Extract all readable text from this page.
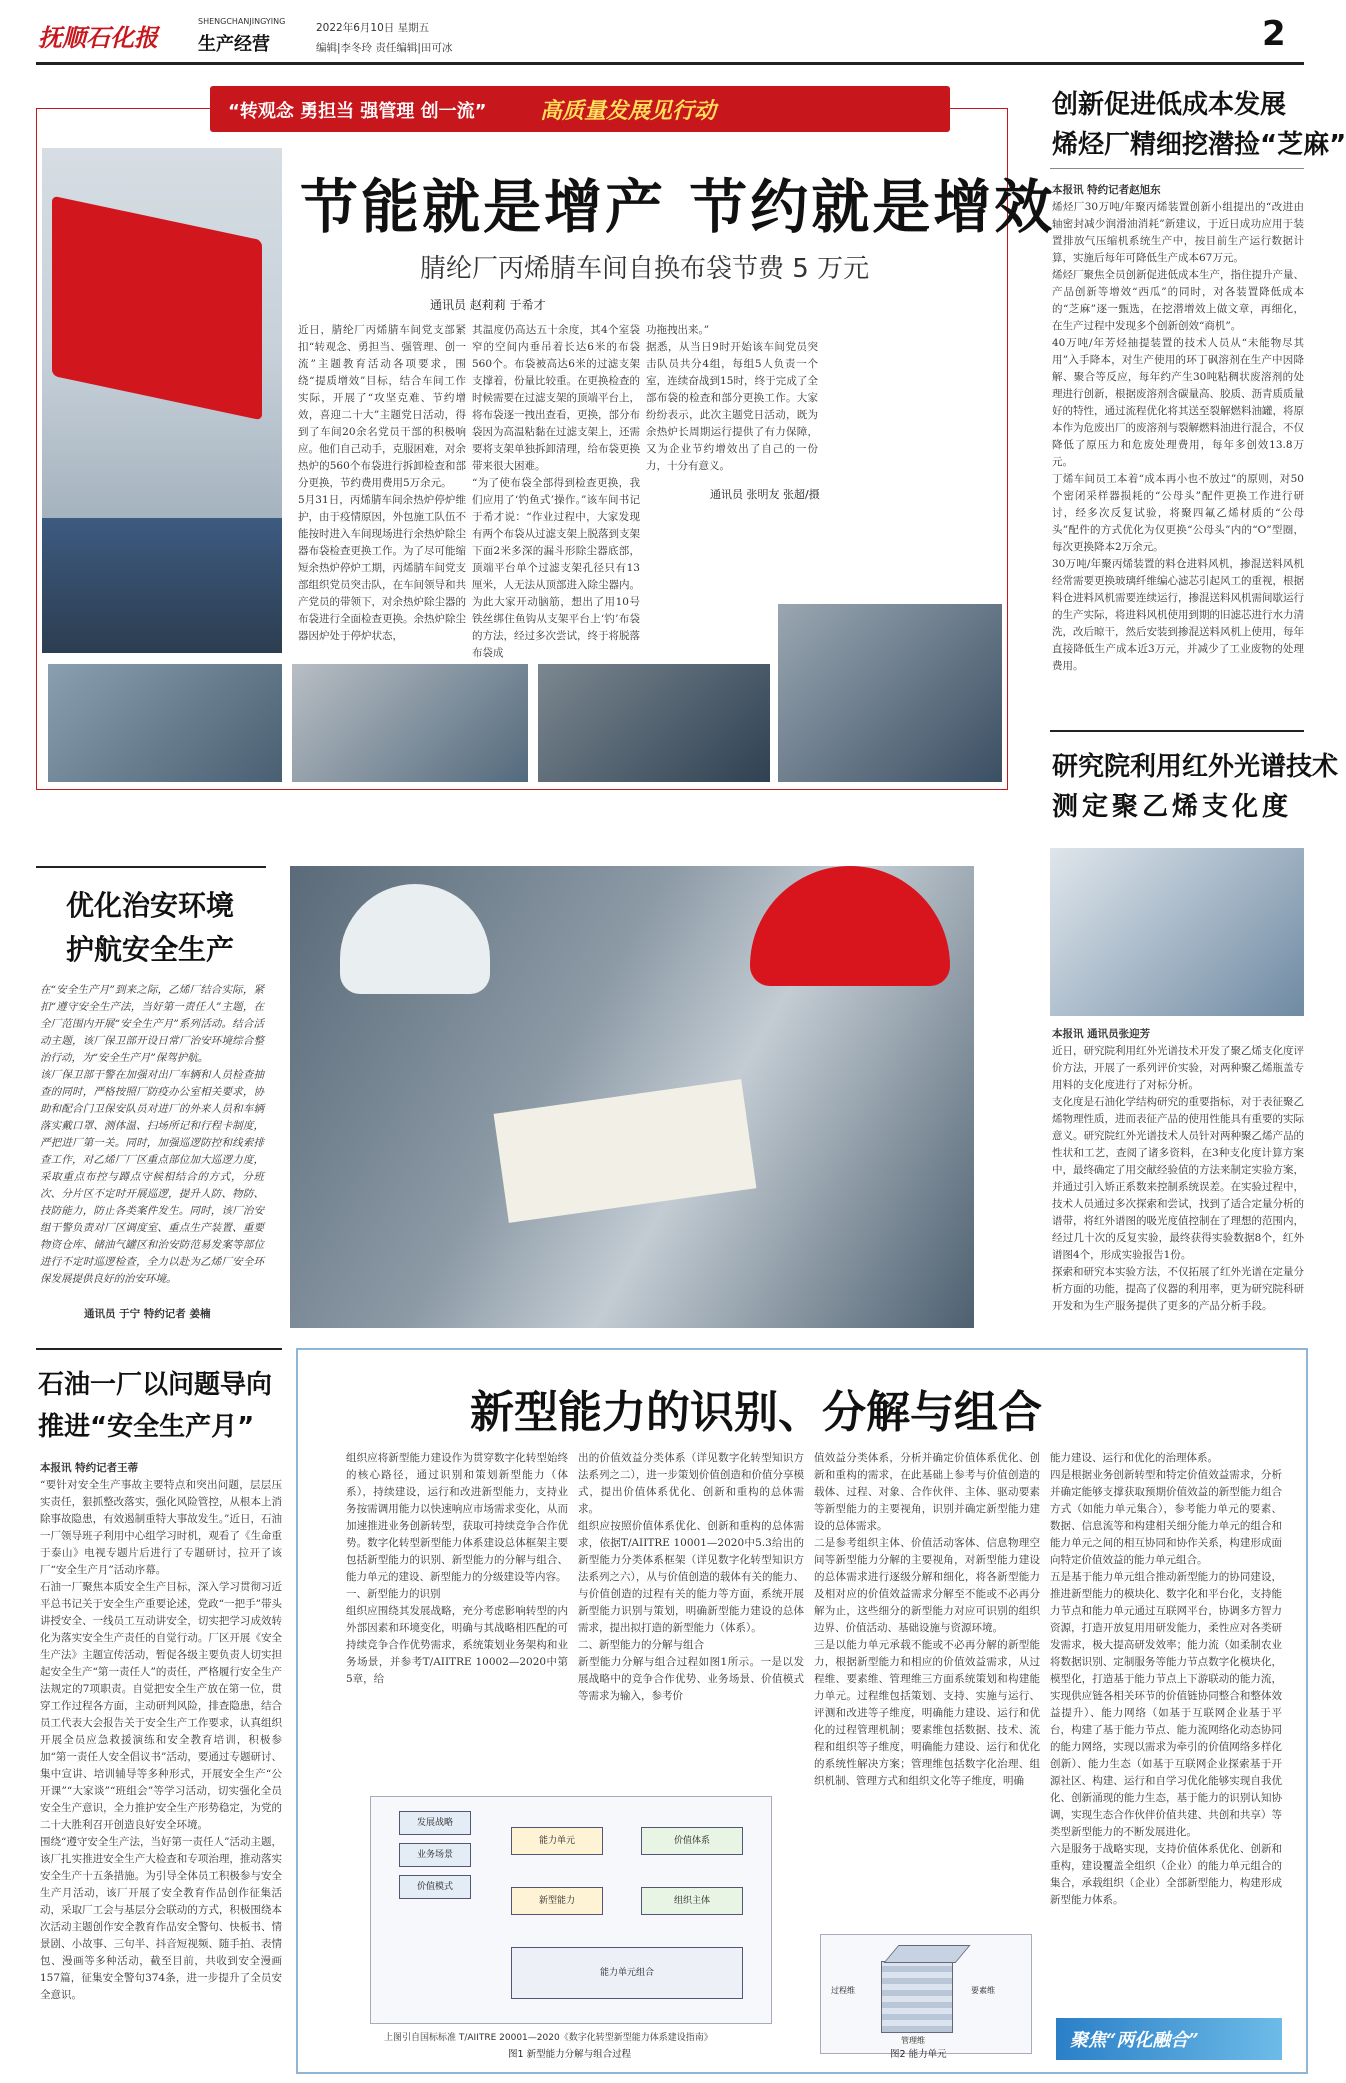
抚顺石化报
SHENGCHANJINGYING
生产经营
2022年6月10日 星期五
编辑|李冬玲 责任编辑|田可冰	2
“转观念 勇担当 强管理 创一流” 高质量发展见行动
节能就是增产 节约就是增效
腈纶厂丙烯腈车间自换布袋节费 5 万元
通讯员 赵莉莉 于希才
近日，腈纶厂丙烯腈车间党支部紧扣“转观念、勇担当、强管理、创一流”主题教育活动各项要求，围绕“提质增效”目标，结合车间工作实际，开展了“攻坚克难、节约增效，喜迎二十大”主题党日活动，得到了车间20余名党员干部的积极响应。他们自己动手，克服困难，对余热炉的560个布袋进行拆卸检查和部分更换，节约费用费用5万余元。
5月31日，丙烯腈车间余热炉停炉维护，由于疫情原因，外包施工队伍不能按时进入车间现场进行余热炉除尘器布袋检查更换工作。为了尽可能缩短余热炉停炉工期，丙烯腈车间党支部组织党员突击队，在车间领导和共产党员的带领下，对余热炉除尘器的布袋进行全面检查更换。余热炉除尘器因炉处于停炉状态，
其温度仍高达五十余度，其4个室袋窄的空间内垂吊着长达6米的布袋560个。布袋被高达6米的过滤支架支撑着，份量比较重。在更换检查的时候需要在过滤支架的顶端平台上，将布袋逐一拽出查看，更换，部分布袋因为高温粘黏在过滤支架上，还需要将支架单独拆卸清理，给布袋更换带来很大困难。
“为了使布袋全部得到检查更换，我们应用了‘钓鱼式’操作。”该车间书记于希才说：“作业过程中，大家发现有两个布袋从过滤支架上脱落到支架下面2米多深的漏斗形除尘器底部，顶端平台单个过滤支架孔径只有13厘米，人无法从顶部进入除尘器内。为此大家开动脑筋，想出了用10号铁丝绑住鱼钩从支架平台上‘钓’布袋的方法，经过多次尝试，终于将脱落布袋成
功拖拽出来。”
据悉，从当日9时开始该车间党员突击队员共分4组，每组5人负责一个室，连续奋战到15时，终于完成了全部布袋的检查和部分更换工作。大家纷纷表示，此次主题党日活动，既为余热炉长周期运行提供了有力保障，又为企业节约增效出了自己的一份力，十分有意义。
通讯员 张明友 张超/摄
创新促进低成本发展
烯烃厂精细挖潜捡“芝麻”
本报讯 特约记者赵旭东
烯烃厂30万吨/年聚丙烯装置创新小组提出的“改进由轴密封减少润滑油消耗”新建议，于近日成功应用于装置排放气压缩机系统生产中，按目前生产运行数据计算，实施后每年可降低生产成本67万元。
烯烃厂聚焦全员创新促进低成本生产，指住提升产量、产品创新等增效“西瓜”的同时，对各装置降低成本的“芝麻”逐一甄选，在挖潜增效上做文章，再细化，在生产过程中发现多个创新创效“商机”。
40万吨/年芳烃抽提装置的技术人员从“未能物尽其用”入手降本，对生产使用的环丁砜溶剂在生产中因降解、聚合等反应，每年约产生30吨粘稠状废溶剂的处理进行创新，根据废溶剂含碳量高、胶质、沥青质质量好的特性，通过流程优化将其送至裂解燃料油罐，将原本作为危废出厂的废溶剂与裂解燃料油进行混合，不仅降低了原压力和危废处理费用，每年多创效13.8万元。
丁烯车间员工本着“成本再小也不放过”的原则，对50个密闭采样器损耗的“公母头”配件更换工作进行研讨，经多次反复试验，将聚四氟乙烯材质的“公母头”配件的方式优化为仅更换“公母头”内的“O”型圈，每次更换降本2万余元。
30万吨/年聚丙烯装置的料仓进料风机，掺混送料风机经常需要更换玻璃纤维编心滤芯引起风工的重视，根据料仓进料风机需要连续运行，掺混送料风机需间歇运行的生产实际，将进料风机使用到期的旧滤芯进行水力清洗，改后晾干，然后安装到掺混送料风机上使用，每年直接降低生产成本近3万元，并减少了工业废物的处理费用。
研究院利用红外光谱技术
测定聚乙烯支化度
本报讯 通讯员张迎芳
近日，研究院利用红外光谱技术开发了聚乙烯支化度评价方法，开展了一系列评价实验，对两种聚乙烯瓶盖专用料的支化度进行了对标分析。
支化度是石油化学结构研究的重要指标，对于表征聚乙烯物理性质，进而表征产品的使用性能具有重要的实际意义。研究院红外光谱技术人员针对两种聚乙烯产品的性状和工艺，查阅了诸多资料，在3种支化度计算方案中，最终确定了用交献经验值的方法来制定实验方案，并通过引入矫正系数来控制系统误差。在实验过程中，技术人员通过多次探索和尝试，找到了适合定量分析的谱带，将红外谱图的吸光度值控制在了理想的范围内，经过几十次的反复实验，最终获得实验数据8个，红外谱图4个，形成实验报告1份。
探索和研究本实验方法，不仅拓展了红外光谱在定量分析方面的功能，提高了仪器的利用率，更为研究院科研开发和为生产服务提供了更多的产品分析手段。
优化治安环境
护航安全生产
在“安全生产月”到来之际，乙烯厂结合实际，紧扣“遵守安全生产法，当好第一责任人”主题，在全厂范围内开展“安全生产月”系列活动。结合活动主题，该厂保卫部开设日常厂治安环境综合整治行动，为“安全生产月”保驾护航。
该厂保卫部干警在加强对出厂车辆和人员检查抽查的同时，严格按照厂防疫办公室相关要求，协助和配合门卫保安队员对进厂的外来人员和车辆落实戴口罩、测体温、扫场所记和行程卡制度，严把进厂第一关。同时，加强巡逻防控和线索排查工作，对乙烯厂厂区重点部位加大巡逻力度，采取重点布控与蹲点守候相结合的方式，分班次、分片区不定时开展巡逻，提升人防、物防、技防能力，防止各类案件发生。同时，该厂治安组干警负责对厂区调度室、重点生产装置、重要物资仓库、储油气罐区和治安防范易发案等部位进行不定时巡逻检查，全力以赴为乙烯厂安全环保发展提供良好的治安环境。
通讯员 于宁 特约记者 姜楠
石油一厂以问题导向
推进“安全生产月”
本报讯 特约记者王蒂
“要针对安全生产事故主要特点和突出问题，层层压实责任，狠抓整改落实，强化风险管控，从根本上消除事故隐患，有效遏制重特大事故发生。”近日，石油一厂领导班子利用中心组学习时机，观看了《生命重于泰山》电视专题片后进行了专题研讨，拉开了该厂“安全生产月”活动序幕。
石油一厂聚焦本质安全生产目标，深入学习贯彻习近平总书记关于安全生产重要论述，党政“一把手”带头讲授安全、一线员工互动讲安全，切实把学习成效转化为落实安全生产责任的自觉行动。厂区开展《安全生产法》主题宣传活动，暂促各级主要负责人切实担起安全生产“第一责任人”的责任，严格履行安全生产法规定的7项职责。自觉把安全生产放在第一位，贯穿工作过程各方面，主动研判风险，排查隐患，结合员工代表大会报告关于安全生产工作要求，认真组织开展全员应急救援演练和安全教育培训，积极参加“第一责任人安全倡议书”活动，要通过专题研讨、集中宣讲、培训辅导等多种形式，开展安全生产“公开课”“大家谈”“班组会”等学习活动，切实强化全员安全生产意识，全力推护安全生产形势稳定，为党的二十大胜利召开创造良好安全环境。
围绕“遵守安全生产法，当好第一责任人”活动主题，该厂扎实推进安全生产大检查和专项治理，推动落实安全生产十五条措施。为引导全体员工积极参与安全生产月活动，该厂开展了安全教育作品创作征集活动，采取厂工会与基层分会联动的方式，积极围绕本次活动主题创作安全教育作品安全警句、快板书、情景剧、小故事、三句半、抖音短视频、随手拍、表情包、漫画等多种活动，截至目前，共收到安全漫画157篇，征集安全警句374条，进一步提升了全员安全意识。
新型能力的识别、分解与组合
组织应将新型能力建设作为贯穿数字化转型始终的核心路径，通过识别和策划新型能力（体系），持续建设，运行和改进新型能力，支持业务按需调用能力以快速响应市场需求变化，从而加速推进业务创新转型，获取可持续竞争合作优势。数字化转型新型能力体系建设总体框架主要包括新型能力的识别、新型能力的分解与组合、能力单元的建设、新型能力的分级建设等内容。
一、新型能力的识别
组织应围绕其发展战略，充分考虑影响转型的内外部因素和环境变化，明确与其战略相匹配的可持续竞争合作优势需求，系统策划业务架构和业务场景，并参考T/AIITRE 10002—2020中第5章，给
出的价值效益分类体系（详见数字化转型知识方法系列之二），进一步策划价值创造和价值分享模式，提出价值体系优化、创新和重构的总体需求。
组织应按照价值体系优化、创新和重构的总体需求，依据T/AIITRE 10001—2020中5.3给出的新型能力分类体系框架（详见数字化转型知识方法系列之六），从与价值创造的载体有关的能力、与价值创造的过程有关的能力等方面，系统开展新型能力识别与策划，明确新型能力建设的总体需求，提出拟打造的新型能力（体系）。
二、新型能力的分解与组合
新型能力分解与组合过程如图1所示。一是以发展战略中的竞争合作优势、业务场景、价值模式等需求为输入，参考价
值效益分类体系，分析并确定价值体系优化、创新和重构的需求，在此基础上参考与价值创造的载体、过程、对象、合作伙伴、主体、驱动要素等新型能力的主要视角，识别并确定新型能力建设的总体需求。
二是参考组织主体、价值活动客体、信息物理空间等新型能力分解的主要视角，对新型能力建设的总体需求进行逐级分解和细化，将各新型能力及相对应的价值效益需求分解至不能或不必再分解为止，这些细分的新型能力对应可识别的组织边界、价值活动、基础设施与资源环境。
三是以能力单元承载不能或不必再分解的新型能力，根据新型能力和相应的价值效益需求，从过程维、要素维、管理维三方面系统策划和构建能力单元。过程维包括策划、支持、实施与运行、评测和改进等子维度，明确能力建设、运行和优化的过程管理机制；要素维包括数据、技术、流程和组织等子维度，明确能力建设、运行和优化的系统性解决方案；管理维包括数字化治理、组织机制、管理方式和组织文化等子维度，明确
能力建设、运行和优化的治理体系。
四是根据业务创新转型和特定价值效益需求，分析并确定能够支撑获取预期价值效益的新型能力组合方式（如能力单元集合），参考能力单元的要素、数据、信息流等和构建相关细分能力单元的组合和能力单元之间的相互协同和协作关系，构建形成面向特定价值效益的能力单元组合。
五是基于能力单元组合推动新型能力的协同建设，推进新型能力的模块化、数字化和平台化，支持能力节点和能力单元通过互联网平台，协调多方智力资源，打造开放复用用研发能力，柔性应对各类研发需求，极大提高研发效率；能力流（如柔制农业将数据识别、定制服务等能力节点数字化模块化，模型化，打造基于能力节点上下游联动的能力流，实现供应链各相关环节的价值链协同整合和整体效益提升）、能力网络（如基于互联网企业基于平台，构建了基于能力节点、能力流网络化动态协同的能力网络，实现以需求为牵引的价值网络多样化创新）、能力生态（如基于互联网企业探索基于开源社区、构建、运行和自学习优化能够实现自我优化、创新涌现的能力生态，基于能力的识别认知协调，实现生态合作伙伴价值共建、共创和共享）等类型新型能力的不断发展进化。
六是服务于战略实现，支持价值体系优化、创新和重构，建设覆盖全组织（企业）的能力单元组合的集合，承载组织（企业）全部新型能力，构建形成新型能力体系。
发展战略
业务场景
价值模式
能力单元
新型能力
价值体系
组织主体
能力单元组合
上图引自国标标准 T/AIITRE 20001—2020《数字化转型新型能力体系建设指南》
图1 新型能力分解与组合过程
过程维	要素维
管理维
图2 能力单元
聚焦“两化融合”
